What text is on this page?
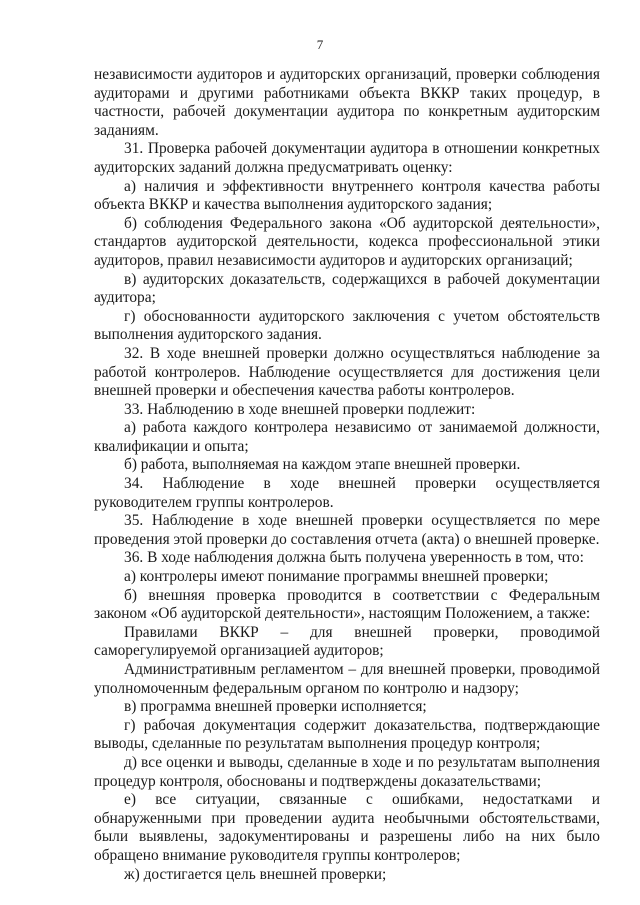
7

независимости аудиторов и аудиторских организаций, проверки соблюдения аудиторами и другими работниками объекта ВККР таких процедур, в частности, рабочей документации аудитора по конкретным аудиторским заданиям.

31. Проверка рабочей документации аудитора в отношении конкретных аудиторских заданий должна предусматривать оценку:

а) наличия и эффективности внутреннего контроля качества работы объекта ВККР и качества выполнения аудиторского задания;

б) соблюдения Федерального закона «Об аудиторской деятельности», стандартов аудиторской деятельности, кодекса профессиональной этики аудиторов, правил независимости аудиторов и аудиторских организаций;

в) аудиторских доказательств, содержащихся в рабочей документации аудитора;

г) обоснованности аудиторского заключения с учетом обстоятельств выполнения аудиторского задания.

32. В ходе внешней проверки должно осуществляться наблюдение за работой контролеров. Наблюдение осуществляется для достижения цели внешней проверки и обеспечения качества работы контролеров.

33. Наблюдению в ходе внешней проверки подлежит:

а) работа каждого контролера независимо от занимаемой должности, квалификации и опыта;

б) работа, выполняемая на каждом этапе внешней проверки.

34. Наблюдение в ходе внешней проверки осуществляется руководителем группы контролеров.

35. Наблюдение в ходе внешней проверки осуществляется по мере проведения этой проверки до составления отчета (акта) о внешней проверке.

36. В ходе наблюдения должна быть получена уверенность в том, что:

а) контролеры имеют понимание программы внешней проверки;

б) внешняя проверка проводится в соответствии с Федеральным законом «Об аудиторской деятельности», настоящим Положением, а также:

Правилами ВККР – для внешней проверки, проводимой саморегулируемой организацией аудиторов;

Административным регламентом – для внешней проверки, проводимой уполномоченным федеральным органом по контролю и надзору;

в) программа внешней проверки исполняется;

г) рабочая документация содержит доказательства, подтверждающие выводы, сделанные по результатам выполнения процедур контроля;

д) все оценки и выводы, сделанные в ходе и по результатам выполнения процедур контроля, обоснованы и подтверждены доказательствами;

е) все ситуации, связанные с ошибками, недостатками и обнаруженными при проведении аудита необычными обстоятельствами, были выявлены, задокументированы и разрешены либо на них было обращено внимание руководителя группы контролеров;

ж) достигается цель внешней проверки;
